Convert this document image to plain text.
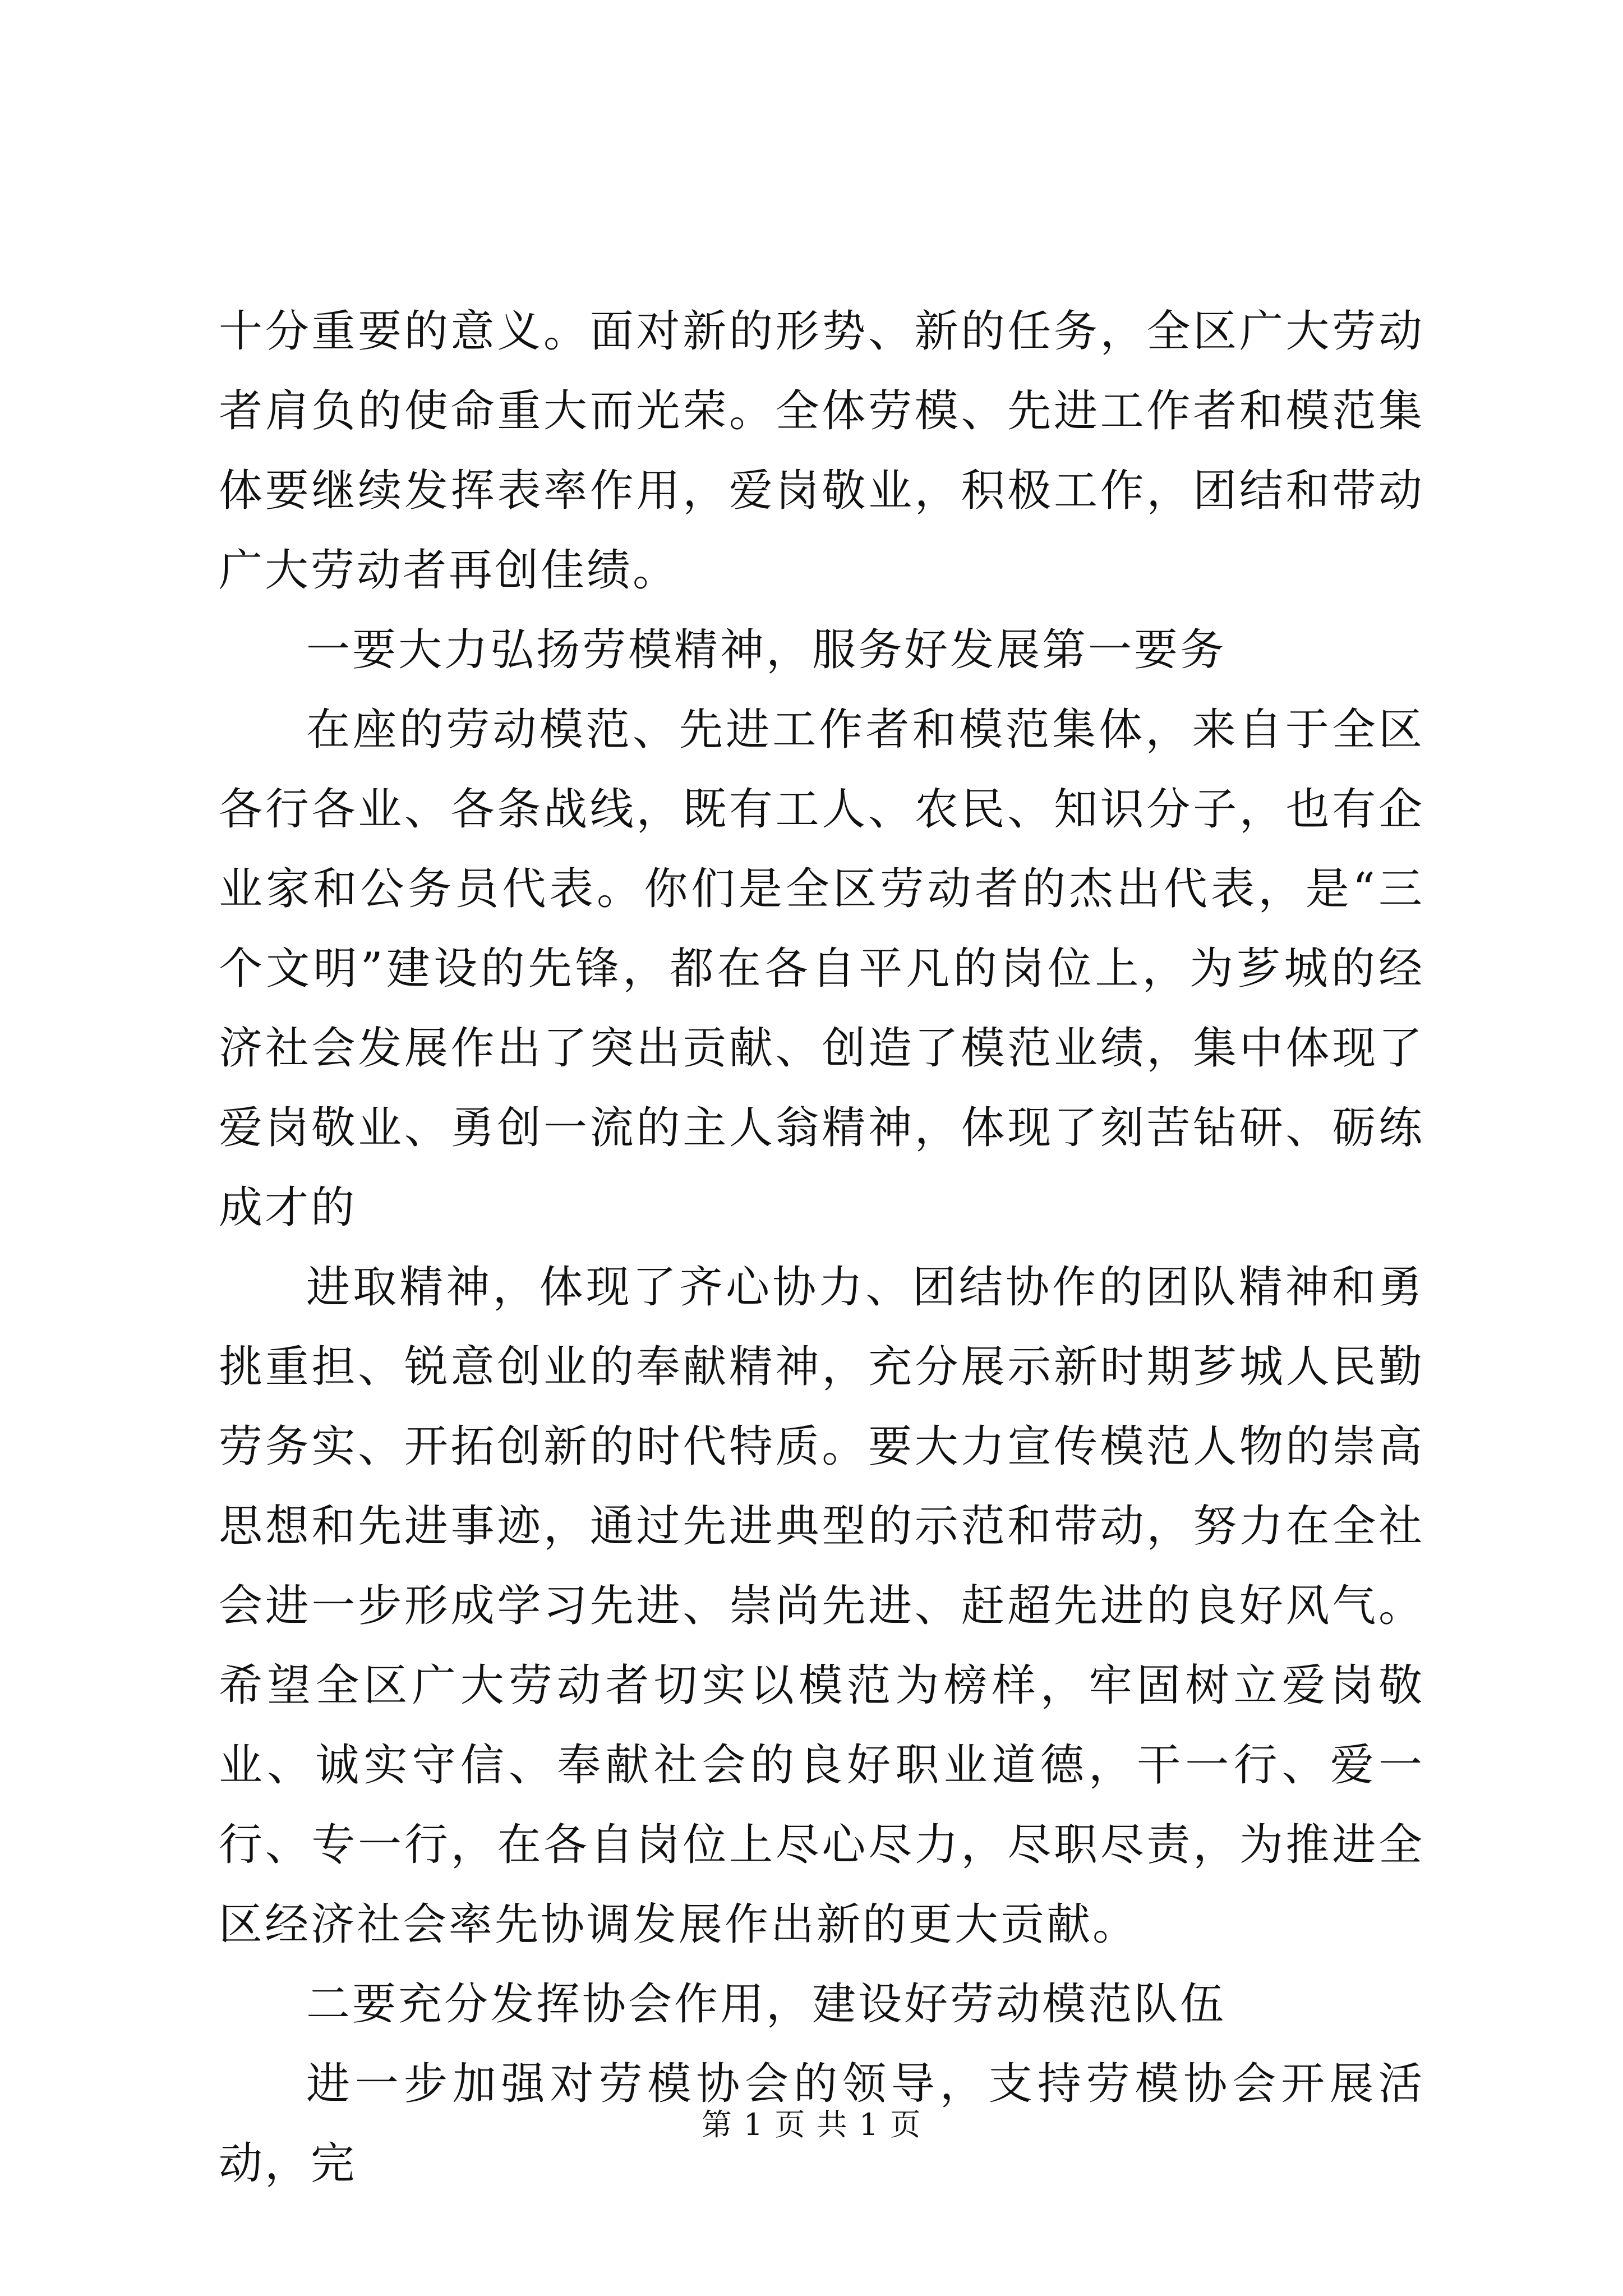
十分重要的意义。面对新的形势、新的任务，全区广大劳动者肩负的使命重大而光荣。全体劳模、先进工作者和模范集体要继续发挥表率作用，爱岗敬业，积极工作，团结和带动广大劳动者再创佳绩。

一要大力弘扬劳模精神，服务好发展第一要务

在座的劳动模范、先进工作者和模范集体，来自于全区各行各业、各条战线，既有工人、农民、知识分子，也有企业家和公务员代表。你们是全区劳动者的杰出代表，是“三个文明”建设的先锋，都在各自平凡的岗位上，为芗城的经济社会发展作出了突出贡献、创造了模范业绩，集中体现了爱岗敬业、勇创一流的主人翁精神，体现了刻苦钻研、砺练成才的

进取精神，体现了齐心协力、团结协作的团队精神和勇挑重担、锐意创业的奉献精神，充分展示新时期芗城人民勤劳务实、开拓创新的时代特质。要大力宣传模范人物的崇高思想和先进事迹，通过先进典型的示范和带动，努力在全社会进一步形成学习先进、崇尚先进、赶超先进的良好风气。希望全区广大劳动者切实以模范为榜样，牢固树立爱岗敬业、诚实守信、奉献社会的良好职业道德，干一行、爱一行、专一行，在各自岗位上尽心尽力，尽职尽责，为推进全区经济社会率先协调发展作出新的更大贡献。

二要充分发挥协会作用，建设好劳动模范队伍

进一步加强对劳模协会的领导，支持劳模协会开展活动，完

第 1 页 共 1 页
